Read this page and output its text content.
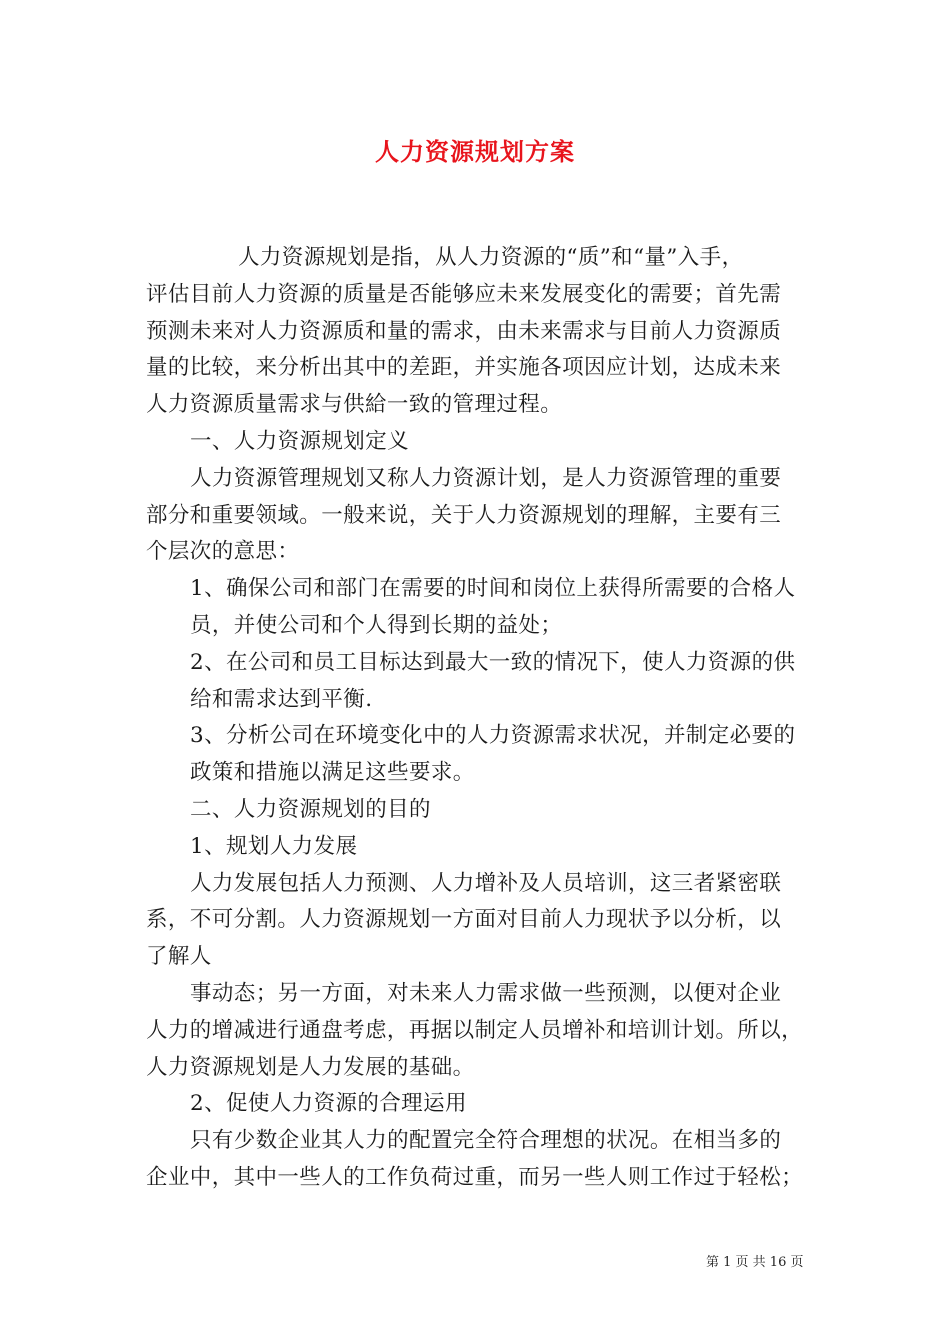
人力资源规划方案
人力资源规划是指，从人力资源的“质”和“量”入手，
评估目前人力资源的质量是否能够应未来发展变化的需要；首先需
预测未来对人力资源质和量的需求，由未来需求与目前人力资源质
量的比较，来分析出其中的差距，并实施各项因应计划，达成未来
人力资源质量需求与供給一致的管理过程。
一、人力资源规划定义
人力资源管理规划又称人力资源计划，是人力资源管理的重要
部分和重要领域。一般来说，关于人力资源规划的理解，主要有三
个层次的意思：
1、确保公司和部门在需要的时间和岗位上获得所需要的合格人
员，并使公司和个人得到长期的益处；
2、在公司和员工目标达到最大一致的情况下，使人力资源的供
给和需求达到平衡.
3、分析公司在环境变化中的人力资源需求状况，并制定必要的
政策和措施以满足这些要求。
二、人力资源规划的目的
1、规划人力发展
人力发展包括人力预测、人力增补及人员培训，这三者紧密联
系，不可分割。人力资源规划一方面对目前人力现状予以分析，以
了解人
事动态；另一方面，对未来人力需求做一些预测，以便对企业
人力的增减进行通盘考虑，再据以制定人员增补和培训计划。所以，
人力资源规划是人力发展的基础。
2、促使人力资源的合理运用
只有少数企业其人力的配置完全符合理想的状况。在相当多的
企业中，其中一些人的工作负荷过重，而另一些人则工作过于轻松；
第 1 页 共 16 页
